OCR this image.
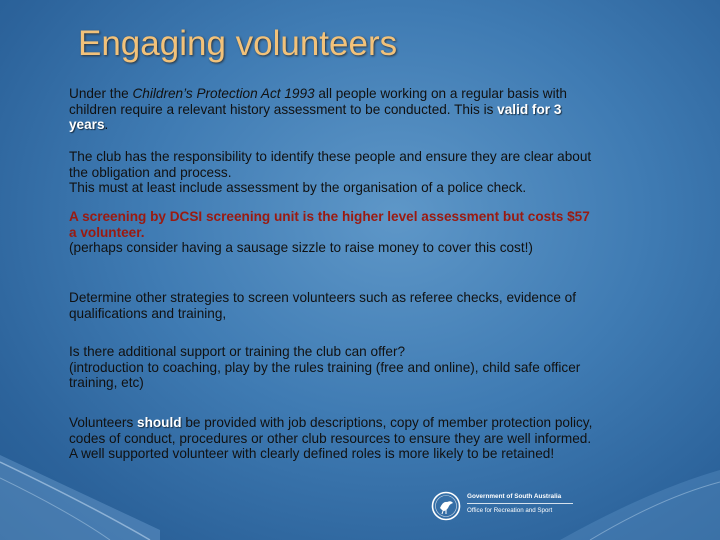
Engaging volunteers
Under the Children’s Protection Act 1993 all people working on a regular basis with
children require a relevant history assessment to be conducted. This is valid for 3
years.
The club has the responsibility to identify these people and ensure they are clear about
the obligation and process.
This must at least include assessment by the organisation of a police check.
A screening by DCSI screening unit is the higher level assessment but costs $57
a volunteer.
(perhaps consider having a sausage sizzle to raise money to cover this cost!)
Determine other strategies to screen volunteers such as referee checks, evidence of
qualifications and training,
Is there additional support or training the club can offer?
(introduction to coaching, play by the rules training (free and online), child safe officer
training, etc)
Volunteers should be provided with job descriptions, copy of member protection policy,
codes of conduct, procedures or other club resources to ensure they are well informed.
A well supported volunteer with clearly defined roles is more likely to be retained!
Government of South Australia
Office for Recreation and Sport
